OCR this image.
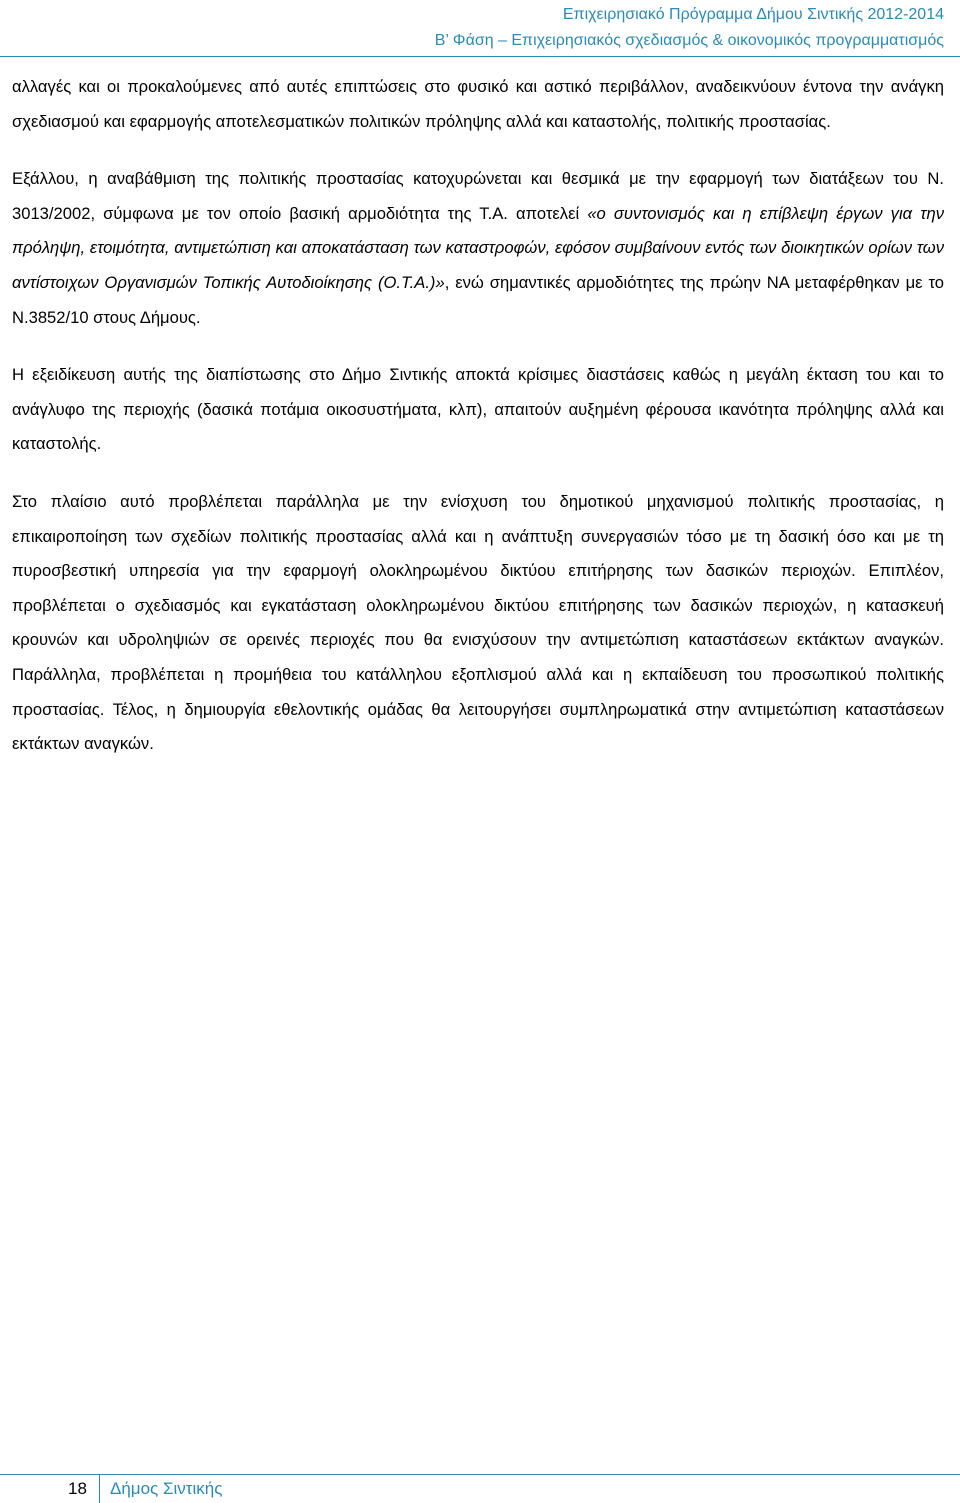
Επιχειρησιακό Πρόγραμμα Δήμου Σιντικής 2012-2014
Β’ Φάση – Επιχειρησιακός σχεδιασμός & οικονομικός προγραμματισμός

αλλαγές και οι προκαλούμενες από αυτές επιπτώσεις στο φυσικό και αστικό περιβάλλον, αναδεικνύουν έντονα την ανάγκη σχεδιασμού και εφαρμογής αποτελεσματικών πολιτικών πρόληψης αλλά και καταστολής, πολιτικής προστασίας.

Εξάλλου, η αναβάθμιση της πολιτικής προστασίας κατοχυρώνεται και θεσμικά με την εφαρμογή των διατάξεων του Ν. 3013/2002, σύμφωνα με τον οποίο βασική αρμοδιότητα της Τ.Α. αποτελεί «ο συντονισμός και η επίβλεψη έργων για την πρόληψη, ετοιμότητα, αντιμετώπιση και αποκατάσταση των καταστροφών, εφόσον συμβαίνουν εντός των διοικητικών ορίων των αντίστοιχων Οργανισμών Τοπικής Αυτοδιοίκησης (Ο.Τ.Α.)», ενώ σημαντικές αρμοδιότητες της πρώην ΝΑ μεταφέρθηκαν με το Ν.3852/10 στους Δήμους.

Η εξειδίκευση αυτής της διαπίστωσης στο Δήμο Σιντικής αποκτά κρίσιμες διαστάσεις καθώς η μεγάλη έκταση του και το ανάγλυφο της περιοχής (δασικά ποτάμια οικοσυστήματα, κλπ), απαιτούν αυξημένη φέρουσα ικανότητα πρόληψης αλλά και καταστολής.

Στο πλαίσιο αυτό προβλέπεται παράλληλα με την ενίσχυση του δημοτικού μηχανισμού πολιτικής προστασίας, η επικαιροποίηση των σχεδίων πολιτικής προστασίας αλλά και η ανάπτυξη συνεργασιών τόσο με τη δασική όσο και με τη πυροσβεστική υπηρεσία για την εφαρμογή ολοκληρωμένου δικτύου επιτήρησης των δασικών περιοχών. Επιπλέον, προβλέπεται ο σχεδιασμός και εγκατάσταση ολοκληρωμένου δικτύου επιτήρησης των δασικών περιοχών, η κατασκευή κρουνών και υδροληψιών σε ορεινές περιοχές που θα ενισχύσουν την αντιμετώπιση καταστάσεων εκτάκτων αναγκών. Παράλληλα, προβλέπεται η προμήθεια του κατάλληλου εξοπλισμού αλλά και η εκπαίδευση του προσωπικού πολιτικής προστασίας. Τέλος, η δημιουργία εθελοντικής ομάδας θα λειτουργήσει συμπληρωματικά στην αντιμετώπιση καταστάσεων εκτάκτων αναγκών.

18 Δήμος Σιντικής
